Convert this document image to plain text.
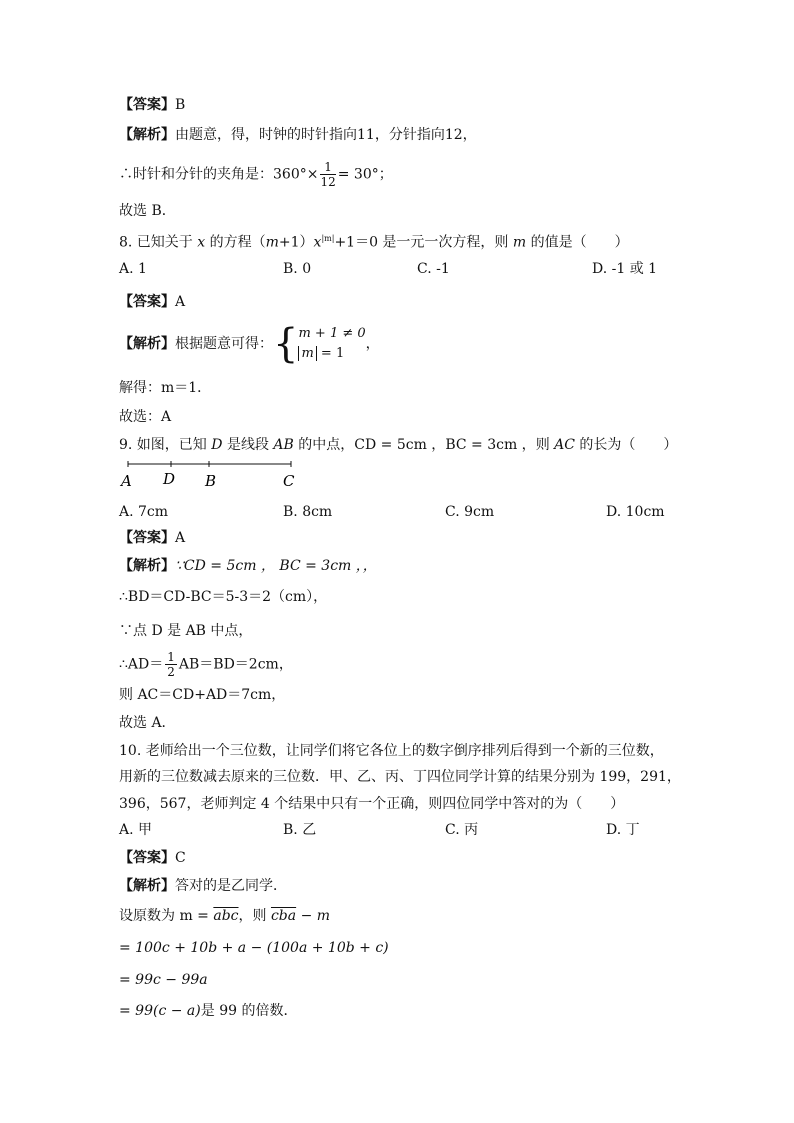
【答案】B
【解析】由题意，得，时钟的时针指向11，分针指向12，
∴时针和分针的夹角是：$360^\circ\times \frac{1}{12} = 30^\circ$；
故选 B．
8. 已知关于 x 的方程$(m+1)x^{|m|}+1=0$ 是一元一次方程，则 m 的值是（　　）
A. 1	B. 0	C. -1	D. -1 或 1
【答案】A
【解析】根据题意可得：{ m + 1 ≠ 0
m = 1
，
解得：m＝1．
故选：A
9. 如图，已知 D 是线段 AB 的中点，CD = 5cm ，BC = 3cm ，则 AC 的长为（　　）
A D B	C
A. 7cm	B. 8cm	C. 9cm	D. 10cm
【答案】A
【解析】∵CD = 5cm ， BC = 3cm ，，
∴BD＝CD-BC＝5-3＝2（cm），
∵点 D 是 AB 中点，
∴AD＝ $\frac{1}{2} AB=BD=2cm$，
则 AC＝CD+AD＝7cm，
故选 A．
10. 老师给出一个三位数，让同学们将它各位上的数字倒序排列后得到一个新的三位数，
用新的三位数减去原来的三位数．甲、乙、丙、丁四位同学计算的结果分别为 199，291，
396，567，老师判定 4 个结果中只有一个正确，则四位同学中答对的为（　　）
A. 甲	B. 乙	C. 丙	D. 丁
【答案】C
【解析】答对的是乙同学．
设原数为 $m = \overline{abc}$，则 $\overline{cba} - m$
= 100c + 10b + a − (100a + 10b + c)
= 99c − 99a
= 99(c − a)是 99 的倍数．
